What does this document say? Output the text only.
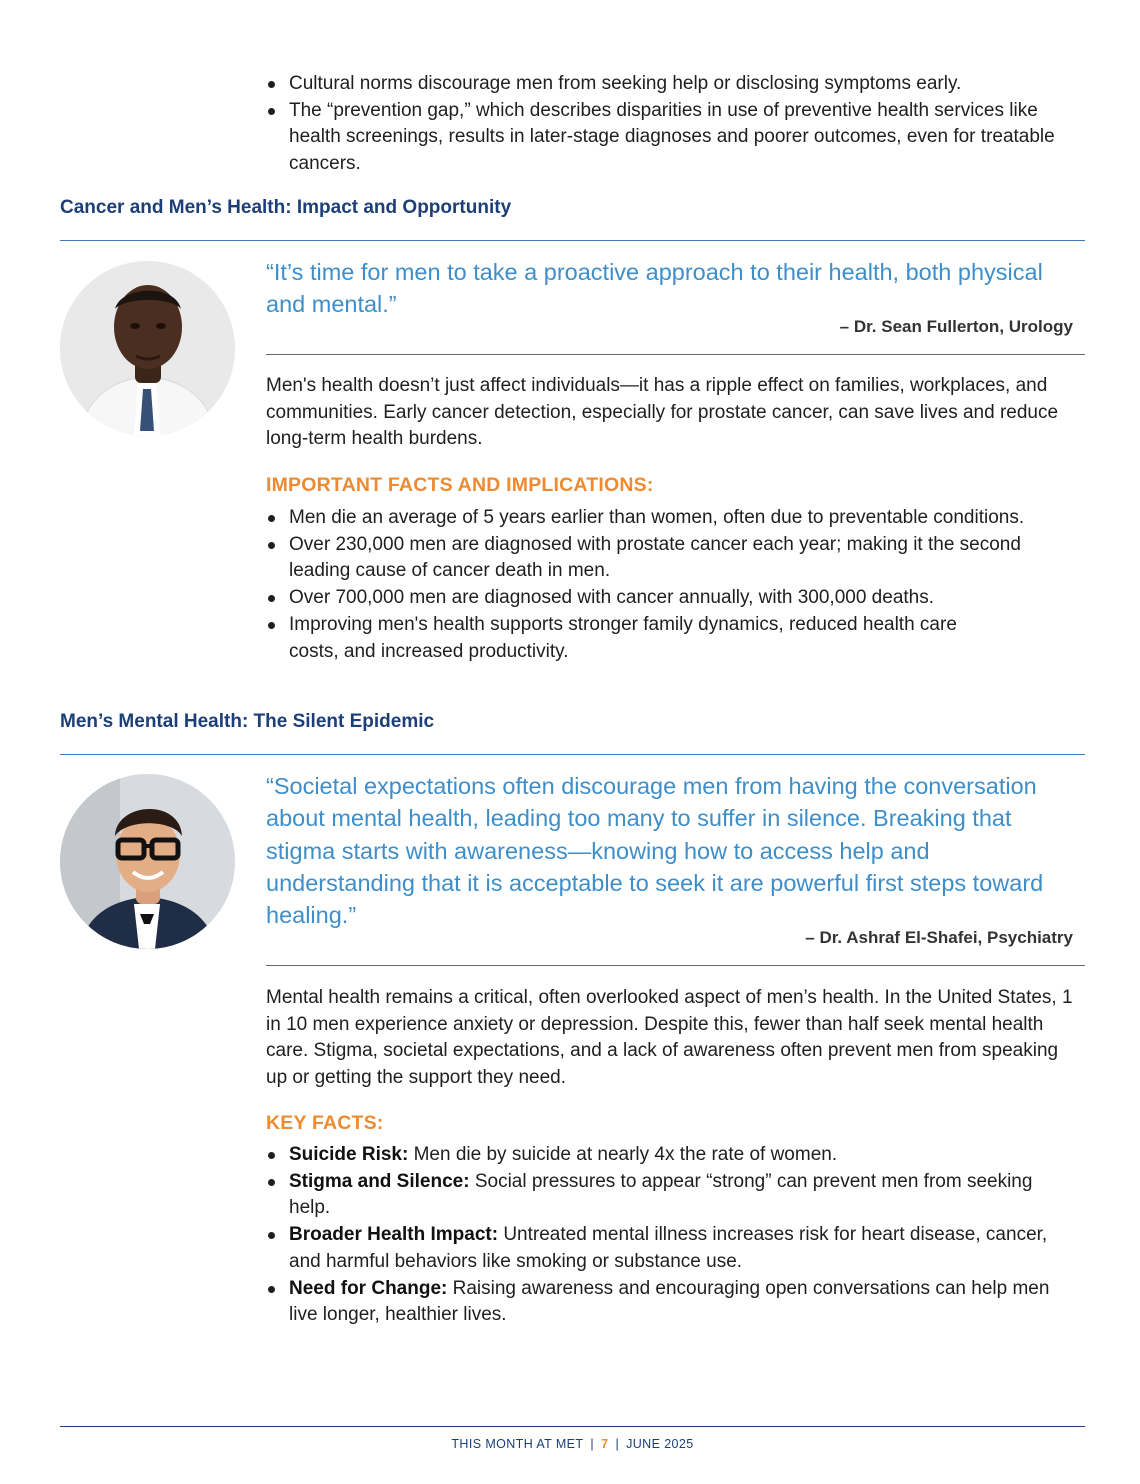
Cultural norms discourage men from seeking help or disclosing symptoms early.
The “prevention gap,” which describes disparities in use of preventive health services like health screenings, results in later-stage diagnoses and poorer outcomes, even for treatable cancers.
Cancer and Men’s Health: Impact and Opportunity
“It’s time for men to take a proactive approach to their health, both physical and mental.”
– Dr. Sean Fullerton, Urology
Men's health doesn’t just affect individuals—it has a ripple effect on families, workplaces, and communities. Early cancer detection, especially for prostate cancer, can save lives and reduce long-term health burdens.
IMPORTANT FACTS AND IMPLICATIONS:
Men die an average of 5 years earlier than women, often due to preventable conditions.
Over 230,000 men are diagnosed with prostate cancer each year; making it the second leading cause of cancer death in men.
Over 700,000 men are diagnosed with cancer annually, with 300,000 deaths.
Improving men's health supports stronger family dynamics, reduced health care costs, and increased productivity.
Men’s Mental Health: The Silent Epidemic
“Societal expectations often discourage men from having the conversation about mental health, leading too many to suffer in silence. Breaking that stigma starts with awareness—knowing how to access help and understanding that it is acceptable to seek it are powerful first steps toward healing.”
– Dr. Ashraf El-Shafei, Psychiatry
Mental health remains a critical, often overlooked aspect of men’s health. In the United States, 1 in 10 men experience anxiety or depression. Despite this, fewer than half seek mental health care. Stigma, societal expectations, and a lack of awareness often prevent men from speaking up or getting the support they need.
KEY FACTS:
Suicide Risk: Men die by suicide at nearly 4x the rate of women.
Stigma and Silence: Social pressures to appear “strong” can prevent men from seeking help.
Broader Health Impact: Untreated mental illness increases risk for heart disease, cancer, and harmful behaviors like smoking or substance use.
Need for Change: Raising awareness and encouraging open conversations can help men live longer, healthier lives.
THIS MONTH AT MET | 7 | JUNE 2025
